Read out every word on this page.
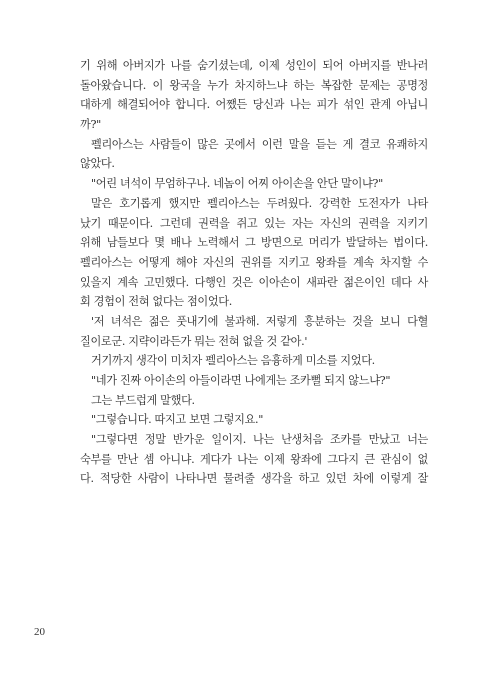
기 위해 아버지가 나를 숨기셨는데, 이제 성인이 되어 아버지를 반나러
돌아왔습니다. 이 왕국을 누가 차지하느냐 하는 복잡한 문제는 공명정
대하게 해결되어야 합니다. 어쨌든 당신과 나는 피가 섞인 관계 아닙니
까?"
펠리아스는 사람들이 많은 곳에서 이런 말을 듣는 게 결코 유쾌하지
않았다.
"어린 녀석이 무엄하구나. 네놈이 어찌 아이손을 안단 말이냐?"
말은 호기롭게 했지만 펠리아스는 두려웠다. 강력한 도전자가 나타
났기 때문이다. 그런데 권력을 쥐고 있는 자는 자신의 권력을 지키기
위해 남들보다 몇 배나 노력해서 그 방면으로 머리가 발달하는 법이다.
펠리아스는 어떻게 해야 자신의 권위를 지키고 왕좌를 계속 차지할 수
있을지 계속 고민했다. 다행인 것은 이아손이 새파란 젊은이인 데다 사
회 경험이 전혀 없다는 점이었다.
'저 녀석은 젊은 풋내기에 불과해. 저렇게 흥분하는 것을 보니 다혈
질이로군. 지략이라든가 뭐는 전혀 없을 것 같아.'
거기까지 생각이 미치자 펠리아스는 음흉하게 미소를 지었다.
"네가 진짜 아이손의 아들이라면 나에게는 조카뻘 되지 않느냐?"
그는 부드럽게 말했다.
"그렇습니다. 따지고 보면 그렇지요."
"그렇다면 정말 반가운 일이지. 나는 난생처음 조카를 만났고 너는
숙부를 만난 셈 아니냐. 게다가 나는 이제 왕좌에 그다지 큰 관심이 없
다. 적당한 사람이 나타나면 물려줄 생각을 하고 있던 차에 이렇게 잘
20
